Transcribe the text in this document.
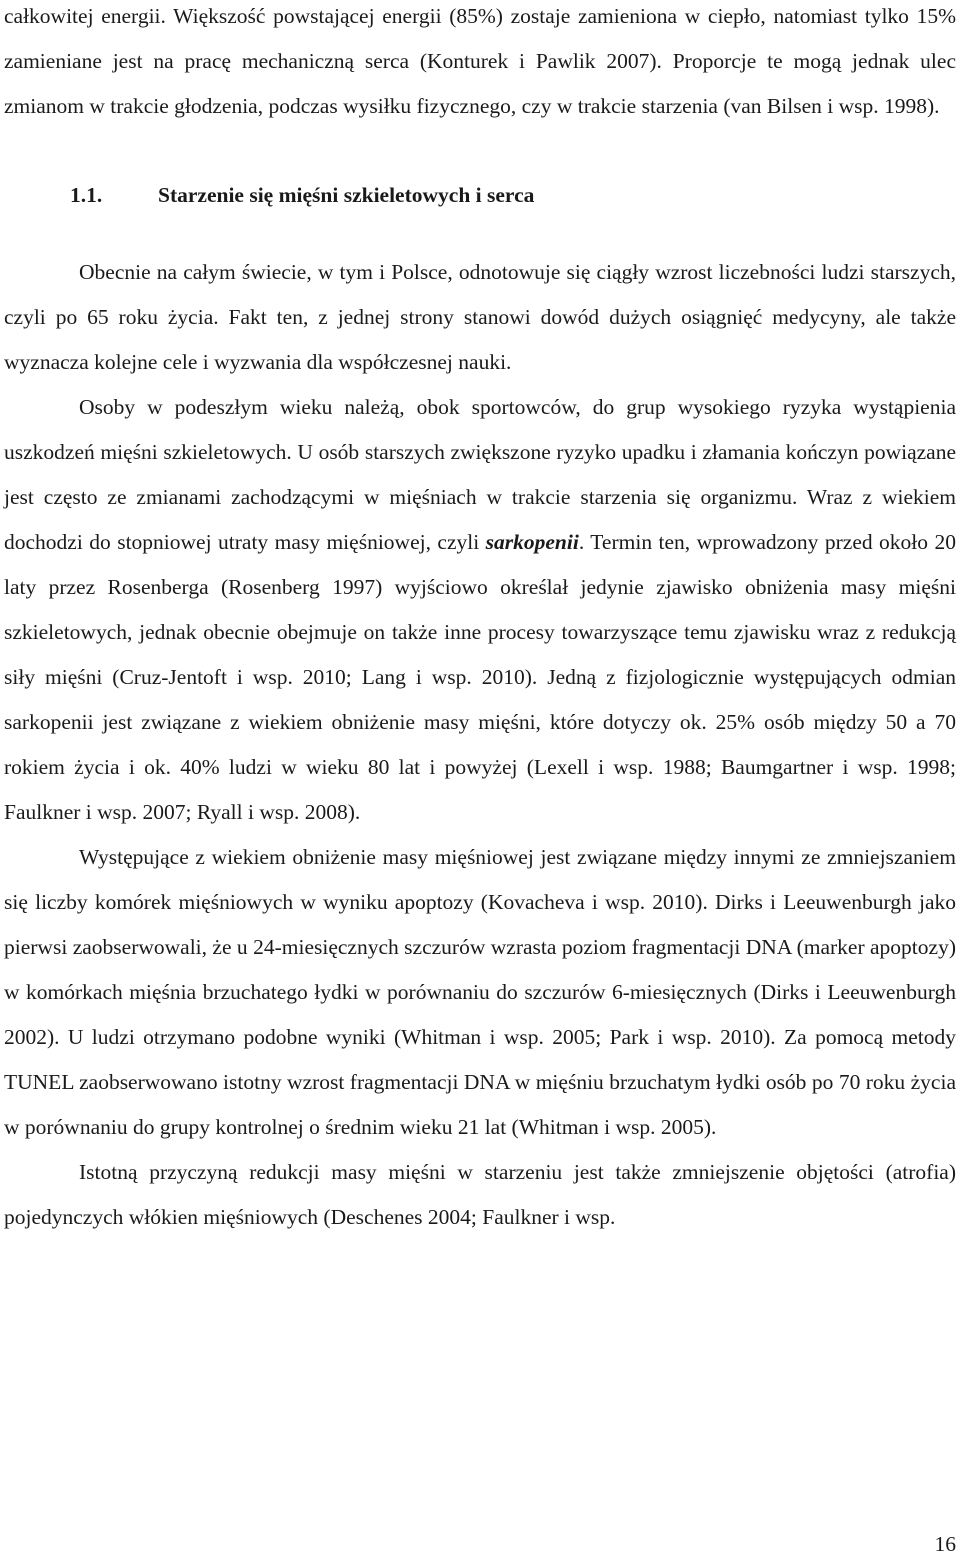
całkowitej energii. Większość powstającej energii (85%) zostaje zamieniona w ciepło, natomiast tylko 15% zamieniane jest na pracę mechaniczną serca (Konturek i Pawlik 2007). Proporcje te mogą jednak ulec zmianom w trakcie głodzenia, podczas wysiłku fizycznego, czy w trakcie starzenia (van Bilsen i wsp. 1998).

1.1.	Starzenie się mięśni szkieletowych i serca

Obecnie na całym świecie, w tym i Polsce, odnotowuje się ciągły wzrost liczebności ludzi starszych, czyli po 65 roku życia. Fakt ten, z jednej strony stanowi dowód dużych osiągnięć medycyny, ale także wyznacza kolejne cele i wyzwania dla współczesnej nauki.

Osoby w podeszłym wieku należą, obok sportowców, do grup wysokiego ryzyka wystąpienia uszkodzeń mięśni szkieletowych. U osób starszych zwiększone ryzyko upadku i złamania kończyn powiązane jest często ze zmianami zachodzącymi w mięśniach w trakcie starzenia się organizmu. Wraz z wiekiem dochodzi do stopniowej utraty masy mięśniowej, czyli sarkopenii. Termin ten, wprowadzony przed około 20 laty przez Rosenberga (Rosenberg 1997) wyjściowo określał jedynie zjawisko obniżenia masy mięśni szkieletowych, jednak obecnie obejmuje on także inne procesy towarzyszące temu zjawisku wraz z redukcją siły mięśni (Cruz-Jentoft i wsp. 2010; Lang i wsp. 2010). Jedną z fizjologicznie występujących odmian sarkopenii jest związane z wiekiem obniżenie masy mięśni, które dotyczy ok. 25% osób między 50 a 70 rokiem życia i ok. 40% ludzi w wieku 80 lat i powyżej (Lexell i wsp. 1988; Baumgartner i wsp. 1998; Faulkner i wsp. 2007; Ryall i wsp. 2008).

Występujące z wiekiem obniżenie masy mięśniowej jest związane między innymi ze zmniejszaniem się liczby komórek mięśniowych w wyniku apoptozy (Kovacheva i wsp. 2010). Dirks i Leeuwenburgh jako pierwsi zaobserwowali, że u 24-miesięcznych szczurów wzrasta poziom fragmentacji DNA (marker apoptozy) w komórkach mięśnia brzuchatego łydki w porównaniu do szczurów 6-miesięcznych (Dirks i Leeuwenburgh 2002). U ludzi otrzymano podobne wyniki (Whitman i wsp. 2005; Park i wsp. 2010). Za pomocą metody TUNEL zaobserwowano istotny wzrost fragmentacji DNA w mięśniu brzuchatym łydki osób po 70 roku życia w porównaniu do grupy kontrolnej o średnim wieku 21 lat (Whitman i wsp. 2005).

Istotną przyczyną redukcji masy mięśni w starzeniu jest także zmniejszenie objętości (atrofia) pojedynczych włókien mięśniowych (Deschenes 2004; Faulkner i wsp.

16
